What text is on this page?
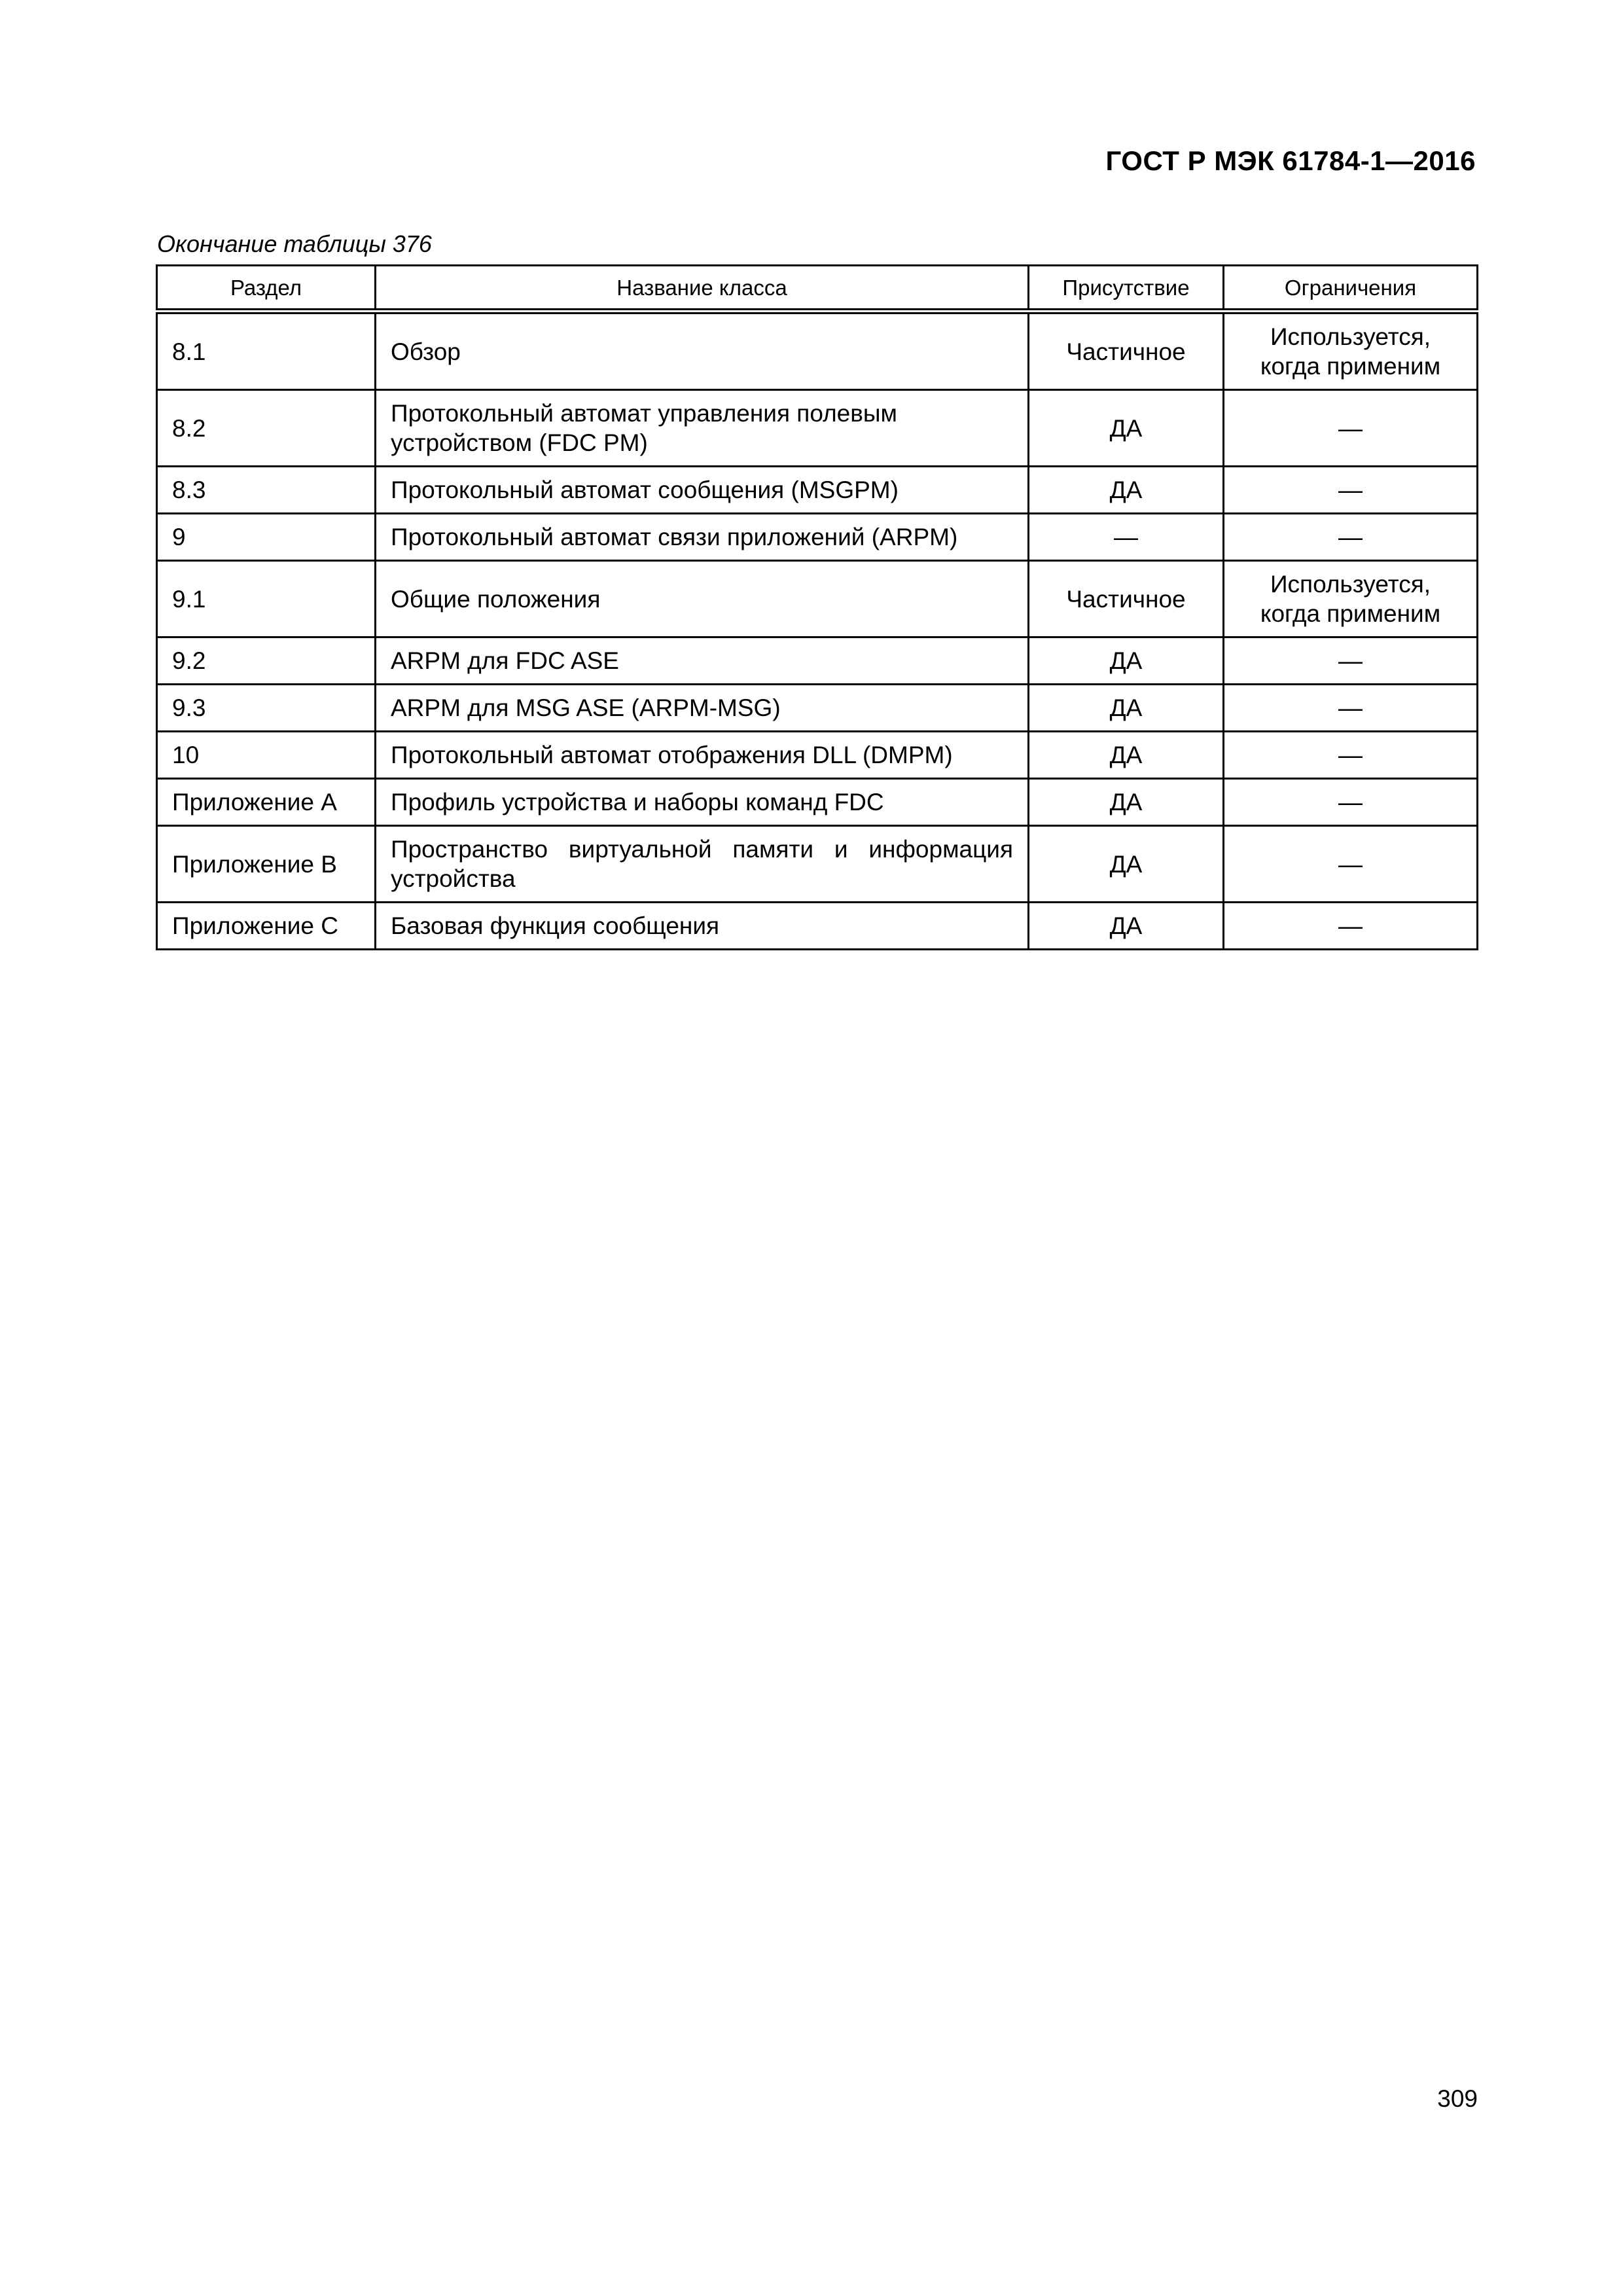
ГОСТ Р МЭК 61784-1—2016
Окончание таблицы 376
Раздел	Название класса	Присутствие	Ограничения
8.1	Обзор	Частичное	Используется, когда применим
8.2	Протокольный автомат управления полевым устройством (FDC PM)	ДА	—
8.3	Протокольный автомат сообщения (MSGPM)	ДА	—
9	Протокольный автомат связи приложений (ARPM)	—	—
9.1	Общие положения	Частичное	Используется, когда применим
9.2	ARPM для FDC ASE	ДА	—
9.3	ARPM для MSG ASE (ARPM-MSG)	ДА	—
10	Протокольный автомат отображения DLL (DMPM)	ДА	—
Приложение А	Профиль устройства и наборы команд FDC	ДА	—
Приложение В	Пространство виртуальной памяти и информация устройства	ДА	—
Приложение С	Базовая функция сообщения	ДА	—
309
